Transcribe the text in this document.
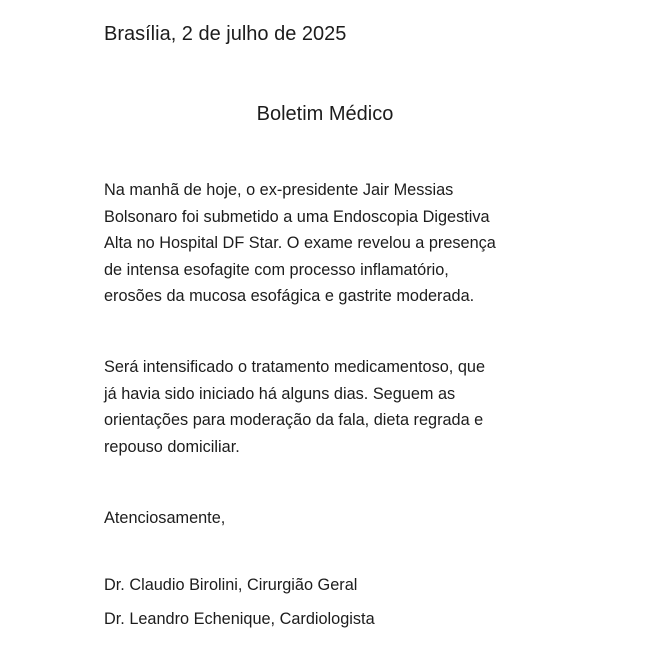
Brasília, 2 de julho de 2025
Boletim Médico

Na manhã de hoje, o ex-presidente Jair Messias
Bolsonaro foi submetido a uma Endoscopia Digestiva
Alta no Hospital DF Star. O exame revelou a presença
de intensa esofagite com processo inflamatório,
erosões da mucosa esofágica e gastrite moderada.

Será intensificado o tratamento medicamentoso, que
já havia sido iniciado há alguns dias. Seguem as
orientações para moderação da fala, dieta regrada e
repouso domiciliar.

Atenciosamente,
Dr. Claudio Birolini, Cirurgião Geral
Dr. Leandro Echenique, Cardiologista
